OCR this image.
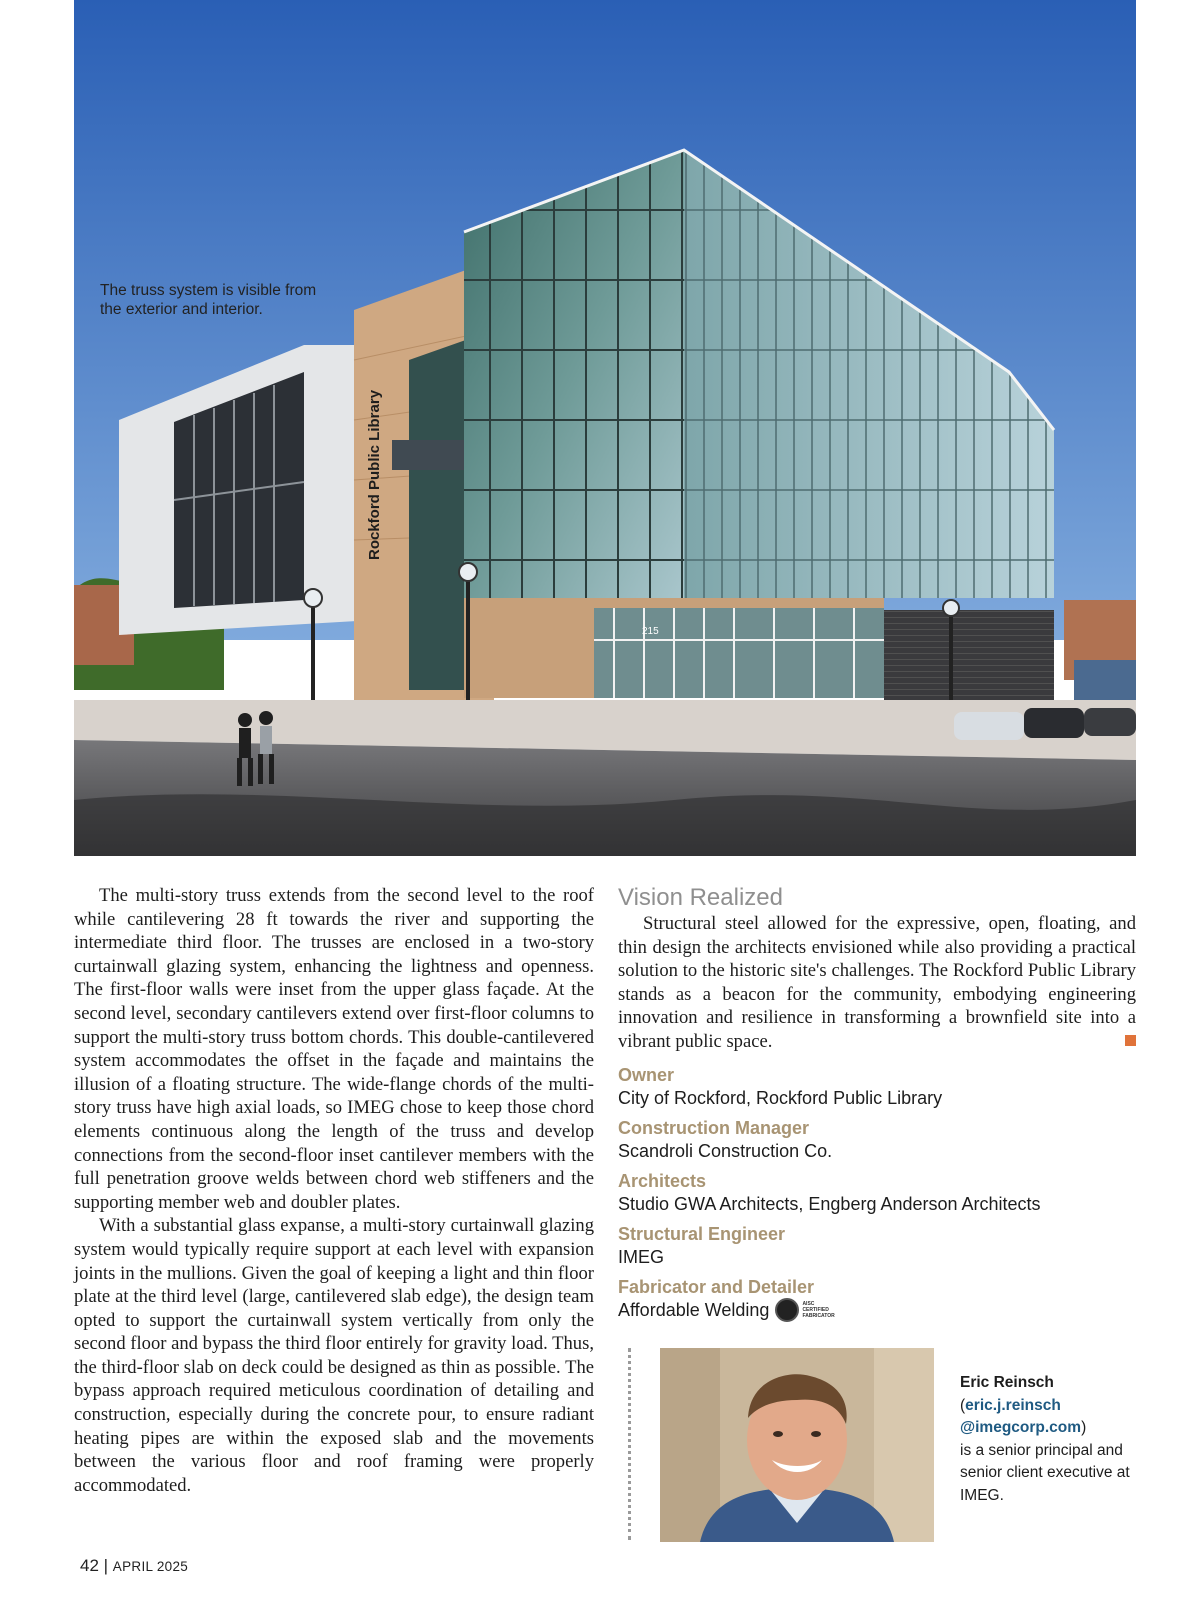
Rockford Public Library
215
The truss system is visible from the exterior and interior.

The multi-story truss extends from the second level to the roof while cantilevering 28 ft towards the river and supporting the intermediate third floor. The trusses are enclosed in a two-story curtainwall glazing system, enhancing the lightness and openness. The first-floor walls were inset from the upper glass façade. At the second level, secondary cantilevers extend over first-floor columns to support the multi-story truss bottom chords. This double-cantilevered system accommodates the offset in the façade and maintains the illusion of a floating structure. The wide-flange chords of the multi-story truss have high axial loads, so IMEG chose to keep those chord elements continuous along the length of the truss and develop connections from the second-floor inset cantilever members with the full penetration groove welds between chord web stiffeners and the supporting member web and doubler plates.

With a substantial glass expanse, a multi-story curtainwall glazing system would typically require support at each level with expansion joints in the mullions. Given the goal of keeping a light and thin floor plate at the third level (large, cantilevered slab edge), the design team opted to support the curtainwall system vertically from only the second floor and bypass the third floor entirely for gravity load. Thus, the third-floor slab on deck could be designed as thin as possible. The bypass approach required meticulous coordination of detailing and construction, especially during the concrete pour, to ensure radiant heating pipes are within the exposed slab and the movements between the various floor and roof framing were properly accommodated.

Vision Realized

Structural steel allowed for the expressive, open, floating, and thin design the architects envisioned while also providing a practical solution to the historic site's challenges. The Rockford Public Library stands as a beacon for the community, embodying engineering innovation and resilience in transforming a brownfield site into a vibrant public space.

Owner
City of Rockford, Rockford Public Library
Construction Manager
Scandroli Construction Co.
Architects
Studio GWA Architects, Engberg Anderson Architects
Structural Engineer
IMEG
Fabricator and Detailer
Affordable Welding	AISC
CERTIFIED
FABRICATOR
Eric Reinsch
(eric.j.reinsch
@imegcorp.com)
is a senior principal and senior client executive at IMEG.
42 | APRIL 2025
